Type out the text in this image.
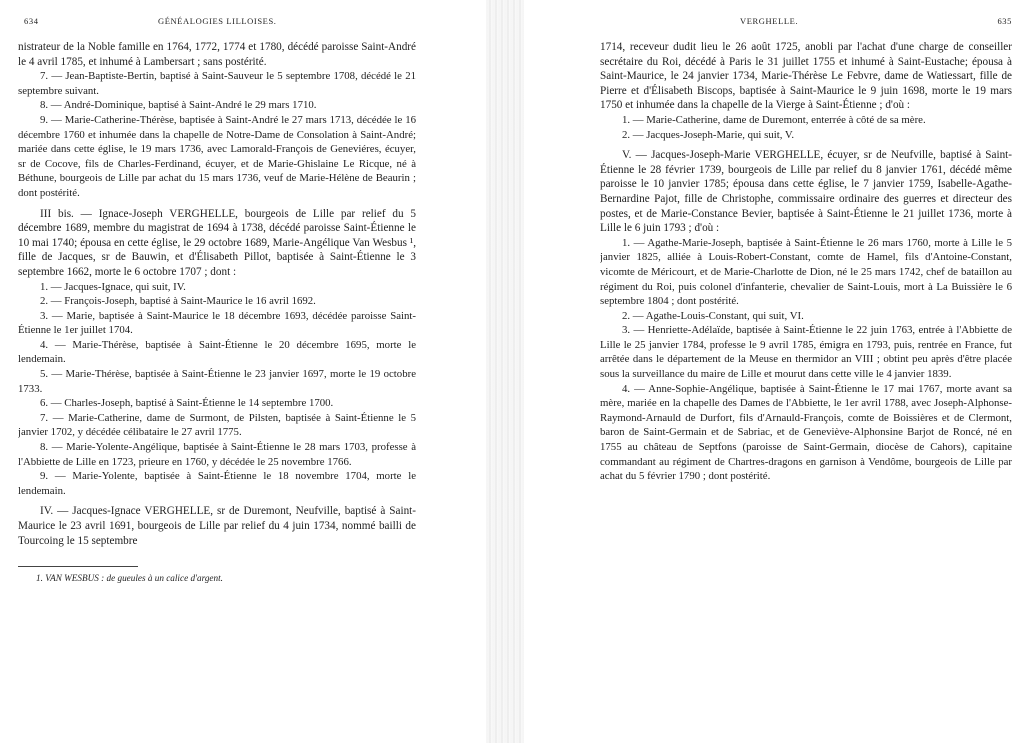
634	GÉNÉALOGIES LILLOISES.

nistrateur de la Noble famille en 1764, 1772, 1774 et 1780, décédé paroisse Saint-André le 4 avril 1785, et inhumé à Lambersart ; sans postérité.

7. — Jean-Baptiste-Bertin, baptisé à Saint-Sauveur le 5 septembre 1708, décédé le 21 septembre suivant.

8. — André-Dominique, baptisé à Saint-André le 29 mars 1710.

9. — Marie-Catherine-Thérèse, baptisée à Saint-André le 27 mars 1713, décédée le 16 décembre 1760 et inhumée dans la chapelle de Notre-Dame de Consolation à Saint-André; mariée dans cette église, le 19 mars 1736, avec Lamorald-François de Geneviéres, écuyer, sr de Cocove, fils de Charles-Ferdinand, écuyer, et de Marie-Ghislaine Le Ricque, né à Béthune, bourgeois de Lille par achat du 15 mars 1736, veuf de Marie-Hélène de Beaurin ; dont postérité.

III bis. — Ignace-Joseph VERGHELLE, bourgeois de Lille par relief du 5 décembre 1689, membre du magistrat de 1694 à 1738, décédé paroisse Saint-Étienne le 10 mai 1740; épousa en cette église, le 29 octobre 1689, Marie-Angélique Van Wesbus ¹, fille de Jacques, sr de Bauwin, et d'Élisabeth Pillot, baptisée à Saint-Étienne le 3 septembre 1662, morte le 6 octobre 1707 ; dont :

1. — Jacques-Ignace, qui suit, IV.

2. — François-Joseph, baptisé à Saint-Maurice le 16 avril 1692.

3. — Marie, baptisée à Saint-Maurice le 18 décembre 1693, décédée paroisse Saint-Étienne le 1er juillet 1704.

4. — Marie-Thérèse, baptisée à Saint-Étienne le 20 décembre 1695, morte le lendemain.

5. — Marie-Thérèse, baptisée à Saint-Étienne le 23 janvier 1697, morte le 19 octobre 1733.

6. — Charles-Joseph, baptisé à Saint-Étienne le 14 septembre 1700.

7. — Marie-Catherine, dame de Surmont, de Pilsten, baptisée à Saint-Étienne le 5 janvier 1702, y décédée célibataire le 27 avril 1775.

8. — Marie-Yolente-Angélique, baptisée à Saint-Étienne le 28 mars 1703, professe à l'Abbiette de Lille en 1723, prieure en 1760, y décédée le 25 novembre 1766.

9. — Marie-Yolente, baptisée à Saint-Étienne le 18 novembre 1704, morte le lendemain.

IV. — Jacques-Ignace VERGHELLE, sr de Duremont, Neufville, baptisé à Saint-Maurice le 23 avril 1691, bourgeois de Lille par relief du 4 juin 1734, nommé bailli de Tourcoing le 15 septembre

1. VAN WESBUS : de gueules à un calice d'argent.
VERGHELLE.	635

1714, receveur dudit lieu le 26 août 1725, anobli par l'achat d'une charge de conseiller secrétaire du Roi, décédé à Paris le 31 juillet 1755 et inhumé à Saint-Eustache; épousa à Saint-Maurice, le 24 janvier 1734, Marie-Thérèse Le Febvre, dame de Watiessart, fille de Pierre et d'Élisabeth Biscops, baptisée à Saint-Maurice le 9 juin 1698, morte le 19 mars 1750 et inhumée dans la chapelle de la Vierge à Saint-Étienne ; d'où :

1. — Marie-Catherine, dame de Duremont, enterrée à côté de sa mère.

2. — Jacques-Joseph-Marie, qui suit, V.

V. — Jacques-Joseph-Marie VERGHELLE, écuyer, sr de Neufville, baptisé à Saint-Étienne le 28 février 1739, bourgeois de Lille par relief du 8 janvier 1761, décédé même paroisse le 10 janvier 1785; épousa dans cette église, le 7 janvier 1759, Isabelle-Agathe-Bernardine Pajot, fille de Christophe, commissaire ordinaire des guerres et directeur des postes, et de Marie-Constance Bevier, baptisée à Saint-Étienne le 21 juillet 1736, morte à Lille le 6 juin 1793 ; d'où :

1. — Agathe-Marie-Joseph, baptisée à Saint-Étienne le 26 mars 1760, morte à Lille le 5 janvier 1825, alliée à Louis-Robert-Constant, comte de Hamel, fils d'Antoine-Constant, vicomte de Méricourt, et de Marie-Charlotte de Dion, né le 25 mars 1742, chef de bataillon au régiment du Roi, puis colonel d'infanterie, chevalier de Saint-Louis, mort à La Buissière le 6 septembre 1804 ; dont postérité.

2. — Agathe-Louis-Constant, qui suit, VI.

3. — Henriette-Adélaïde, baptisée à Saint-Étienne le 22 juin 1763, entrée à l'Abbiette de Lille le 25 janvier 1784, professe le 9 avril 1785, émigra en 1793, puis, rentrée en France, fut arrêtée dans le département de la Meuse en thermidor an VIII ; obtint peu après d'être placée sous la surveillance du maire de Lille et mourut dans cette ville le 4 janvier 1839.

4. — Anne-Sophie-Angélique, baptisée à Saint-Étienne le 17 mai 1767, morte avant sa mère, mariée en la chapelle des Dames de l'Abbiette, le 1er avril 1788, avec Joseph-Alphonse-Raymond-Arnauld de Durfort, fils d'Arnauld-François, comte de Boissières et de Clermont, baron de Saint-Germain et de Sabriac, et de Geneviève-Alphonsine Barjot de Roncé, né en 1755 au château de Septfons (paroisse de Saint-Germain, diocèse de Cahors), capitaine commandant au régiment de Chartres-dragons en garnison à Vendôme, bourgeois de Lille par achat du 5 février 1790 ; dont postérité.
